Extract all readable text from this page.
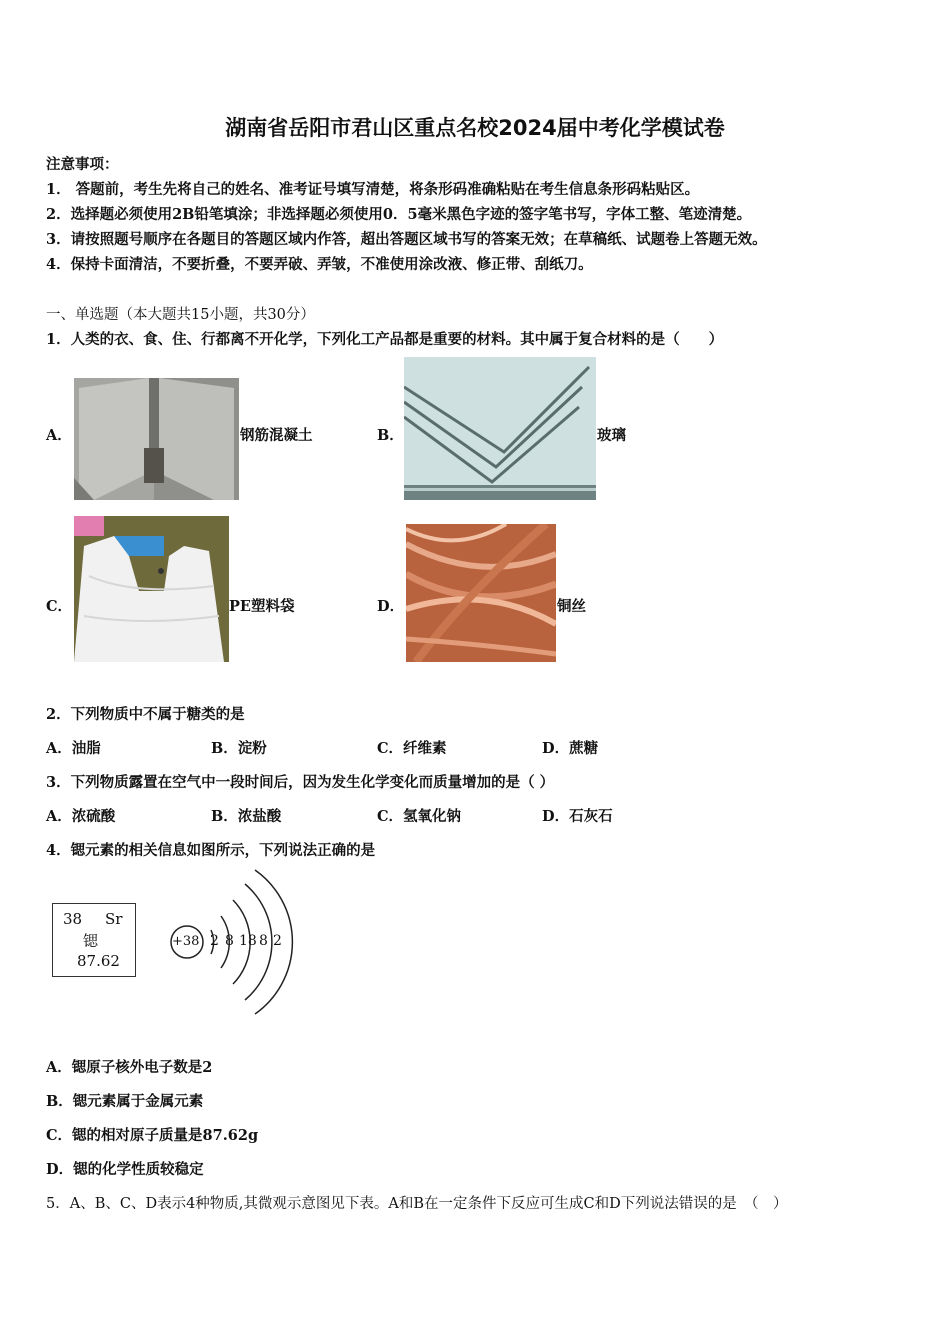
湖南省岳阳市君山区重点名校2024届中考化学模试卷
注意事项：
1． 答题前，考生先将自己的姓名、准考证号填写清楚，将条形码准确粘贴在考生信息条形码粘贴区。
2．选择题必须使用2B铅笔填涂；非选择题必须使用0．5毫米黑色字迹的签字笔书写，字体工整、笔迹清楚。
3．请按照题号顺序在各题目的答题区域内作答，超出答题区域书写的答案无效；在草稿纸、试题卷上答题无效。
4．保持卡面清洁，不要折叠，不要弄破、弄皱，不准使用涂改液、修正带、刮纸刀。
一、单选题（本大题共15小题，共30分）
1．人类的衣、食、住、行都离不开化学，下列化工产品都是重要的材料。其中属于复合材料的是（　　）
A．	钢筋混凝土	B．	玻璃
C．	PE塑料袋	D．	铜丝
2．下列物质中不属于糖类的是
A．油脂	B．淀粉	C．纤维素	D．蔗糖
3．下列物质露置在空气中一段时间后，因为发生化学变化而质量增加的是（ ）
A．浓硫酸	B．浓盐酸	C．氢氧化钠	D．石灰石
4．锶元素的相关信息如图所示，下列说法正确的是
38 Sr
锶
87.62
+38 2 8 18 8 2
A．锶原子核外电子数是2
B．锶元素属于金属元素
C．锶的相对原子质量是87.62g
D．锶的化学性质较稳定
5．A、B、C、D表示4种物质,其微观示意图见下表。A和B在一定条件下反应可生成C和D下列说法错误的是　（　）
